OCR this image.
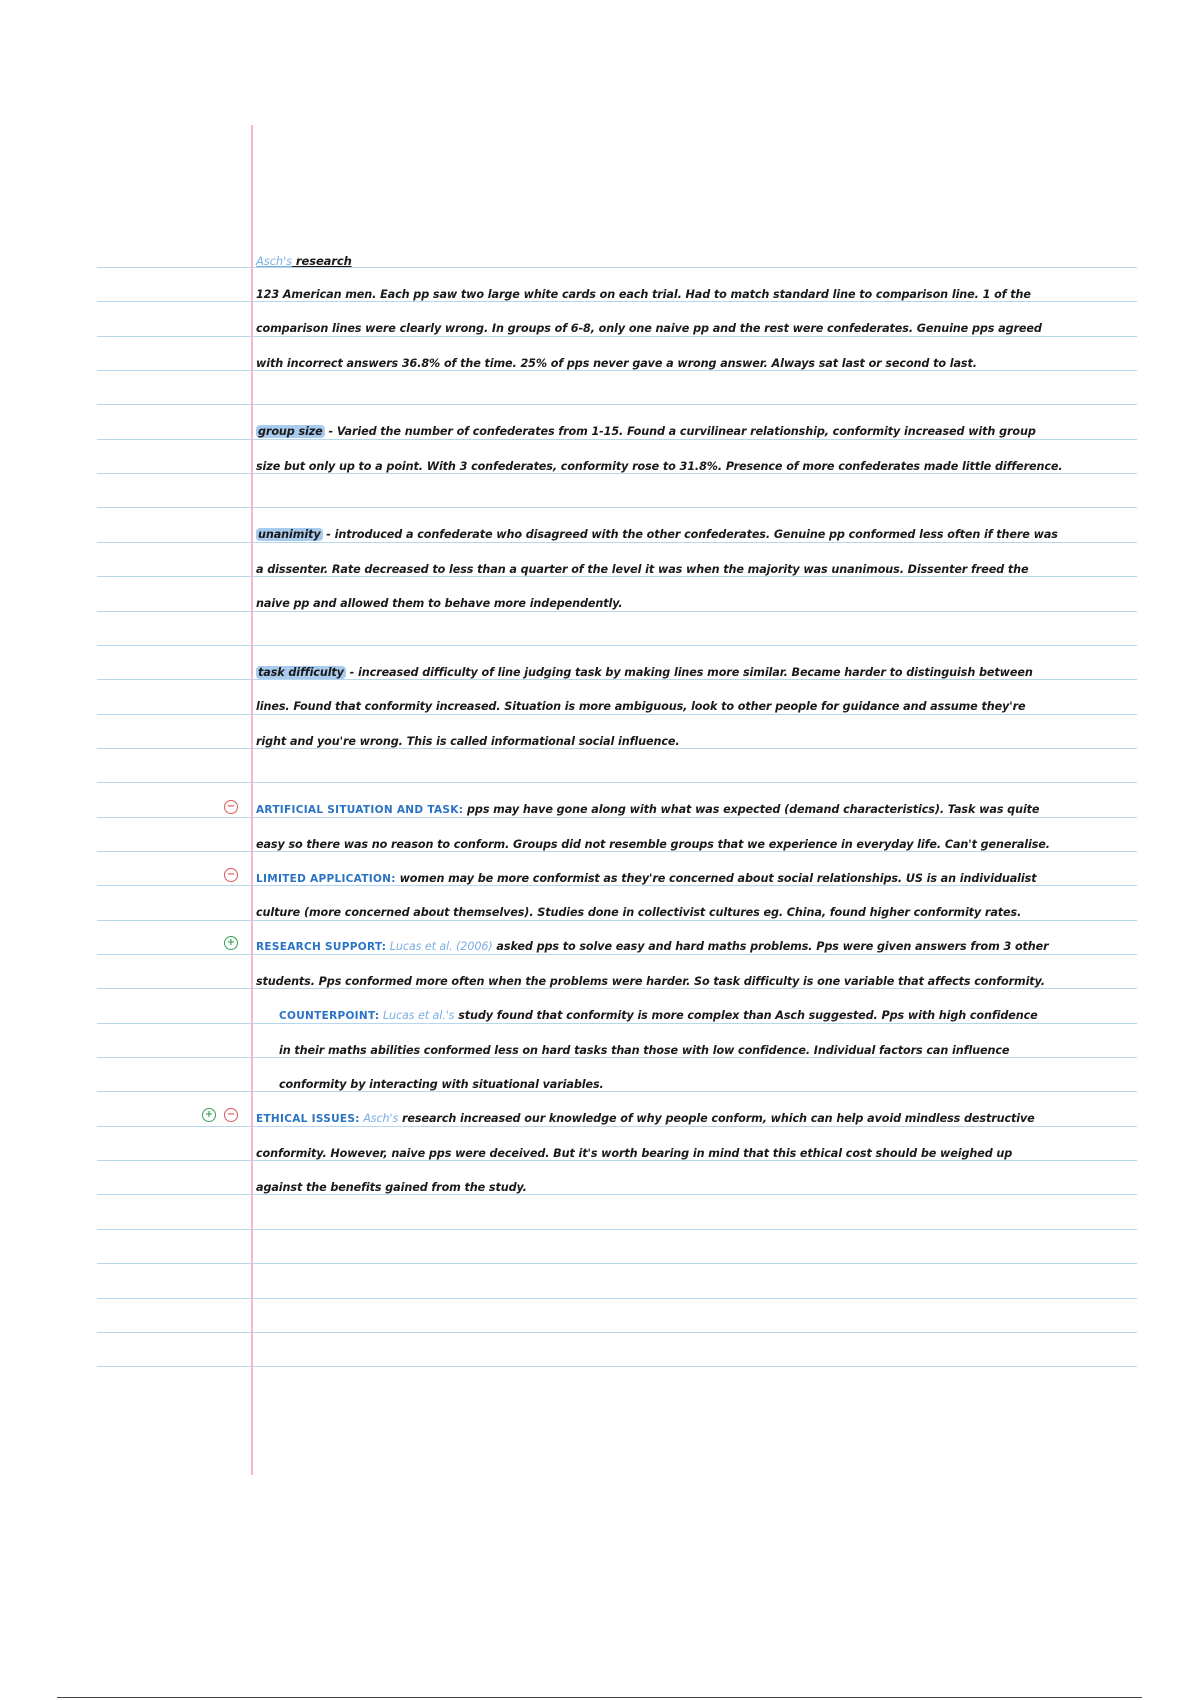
Asch's research
123 American men. Each pp saw two large white cards on each trial. Had to match standard line to comparison line. 1 of the
comparison lines were clearly wrong. In groups of 6-8, only one naive pp and the rest were confederates. Genuine pps agreed
with incorrect answers 36.8% of the time. 25% of pps never gave a wrong answer. Always sat last or second to last.
group size - Varied the number of confederates from 1-15. Found a curvilinear relationship, conformity increased with group
size but only up to a point. With 3 confederates, conformity rose to 31.8%. Presence of more confederates made little difference.
unanimity - introduced a confederate who disagreed with the other confederates. Genuine pp conformed less often if there was
a dissenter. Rate decreased to less than a quarter of the level it was when the majority was unanimous. Dissenter freed the
naive pp and allowed them to behave more independently.
task difficulty - increased difficulty of line judging task by making lines more similar. Became harder to distinguish between
lines. Found that conformity increased. Situation is more ambiguous, look to other people for guidance and assume they're
right and you're wrong. This is called informational social influence.
− ARTIFICIAL SITUATION AND TASK: pps may have gone along with what was expected (demand characteristics). Task was quite
easy so there was no reason to conform. Groups did not resemble groups that we experience in everyday life. Can't generalise.
− LIMITED APPLICATION: women may be more conformist as they're concerned about social relationships. US is an individualist
culture (more concerned about themselves). Studies done in collectivist cultures eg. China, found higher conformity rates.
+ RESEARCH SUPPORT: Lucas et al. (2006) asked pps to solve easy and hard maths problems. Pps were given answers from 3 other
students. Pps conformed more often when the problems were harder. So task difficulty is one variable that affects conformity.
COUNTERPOINT: Lucas et al.'s study found that conformity is more complex than Asch suggested. Pps with high confidence
in their maths abilities conformed less on hard tasks than those with low confidence. Individual factors can influence
conformity by interacting with situational variables.
+ − ETHICAL ISSUES: Asch's research increased our knowledge of why people conform, which can help avoid mindless destructive
conformity. However, naive pps were deceived. But it's worth bearing in mind that this ethical cost should be weighed up
against the benefits gained from the study.
